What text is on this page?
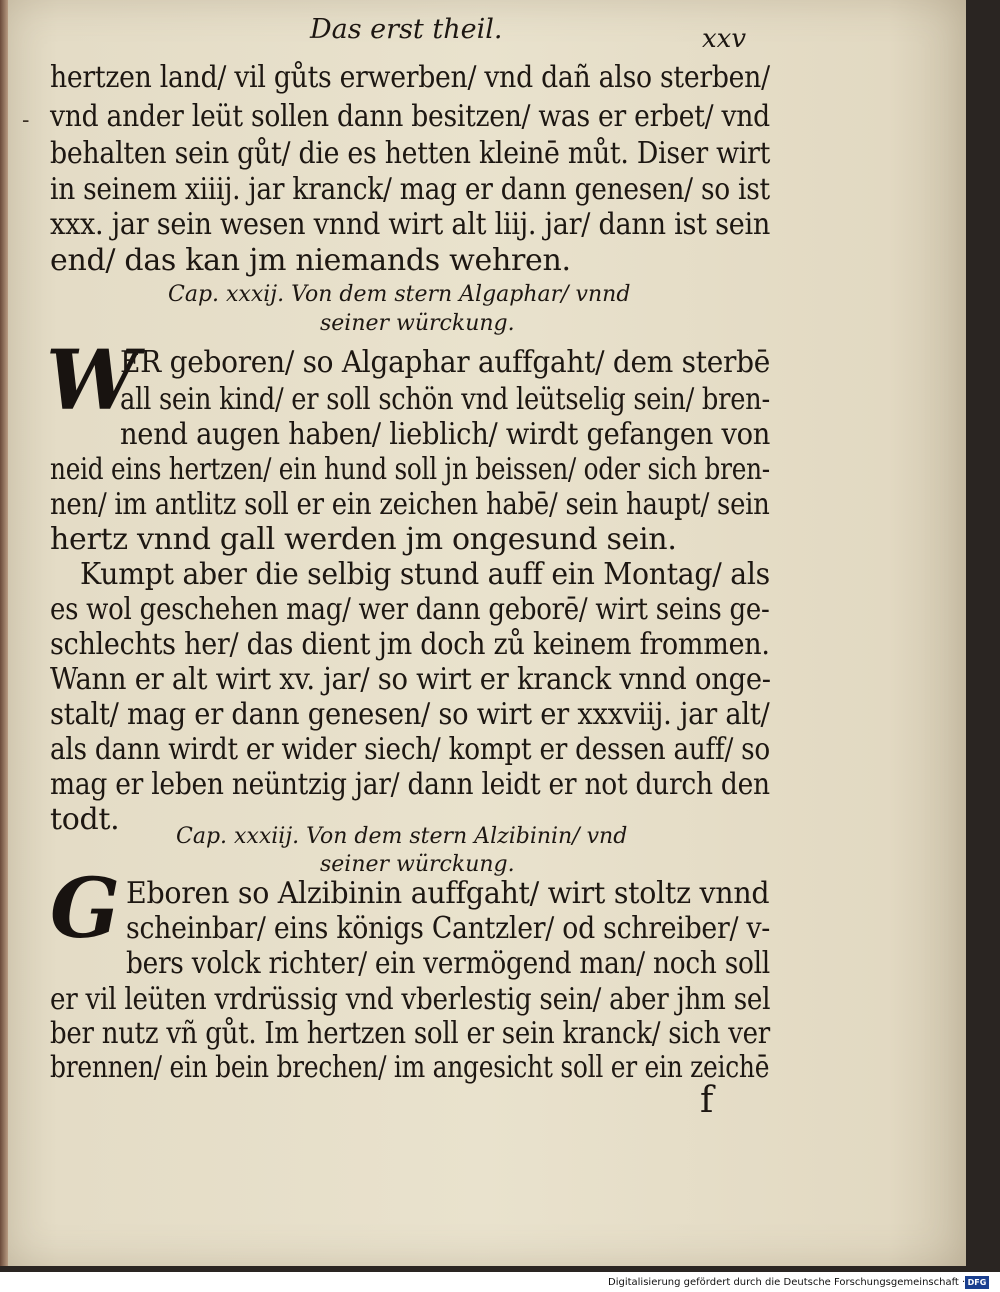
Das erst theil.	xxv
-
hertzen land/ vil gůts erwerben/ vnd dañ also sterben/
vnd ander leüt sollen dann besitzen/ was er erbet/ vnd
behalten sein gůt/ die es hetten kleinē můt. Diser wirt
in seinem xiiij. jar kranck/ mag er dann genesen/ so ist
xxx. jar sein wesen vnnd wirt alt liij. jar/ dann ist sein
end/ das kan jm niemands wehren.
Cap. xxxij. Von dem stern Algaphar/ vnnd
seiner würckung.
W
ER geboren/ so Algaphar auffgaht/ dem sterbē
all sein kind/ er soll schön vnd leütselig sein/ bren-
nend augen haben/ lieblich/ wirdt gefangen von
neid eins hertzen/ ein hund soll jn beissen/ oder sich bren-
nen/ im antlitz soll er ein zeichen habē/ sein haupt/ sein
hertz vnnd gall werden jm ongesund sein.
Kumpt aber die selbig stund auff ein Montag/ als
es wol geschehen mag/ wer dann geborē/ wirt seins ge-
schlechts her/ das dient jm doch zů keinem frommen.
Wann er alt wirt xv. jar/ so wirt er kranck vnnd onge-
stalt/ mag er dann genesen/ so wirt er xxxviij. jar alt/
als dann wirdt er wider siech/ kompt er dessen auff/ so
mag er leben neüntzig jar/ dann leidt er not durch den
todt.	Cap. xxxiij. Von dem stern Alzibinin/ vnd
seiner würckung.
G Eboren so Alzibinin auffgaht/ wirt stoltz vnnd
scheinbar/ eins königs Cantzler/ od schreiber/ v-
bers volck richter/ ein vermögend man/ noch soll
er vil leüten vrdrüssig vnd vberlestig sein/ aber jhm sel
ber nutz vñ gůt. Im hertzen soll er sein kranck/ sich ver
brennen/ ein bein brechen/ im angesicht soll er ein zeichē
f
Digitalisierung gefördert durch die Deutsche Forschungsgemeinschaft · DFG
